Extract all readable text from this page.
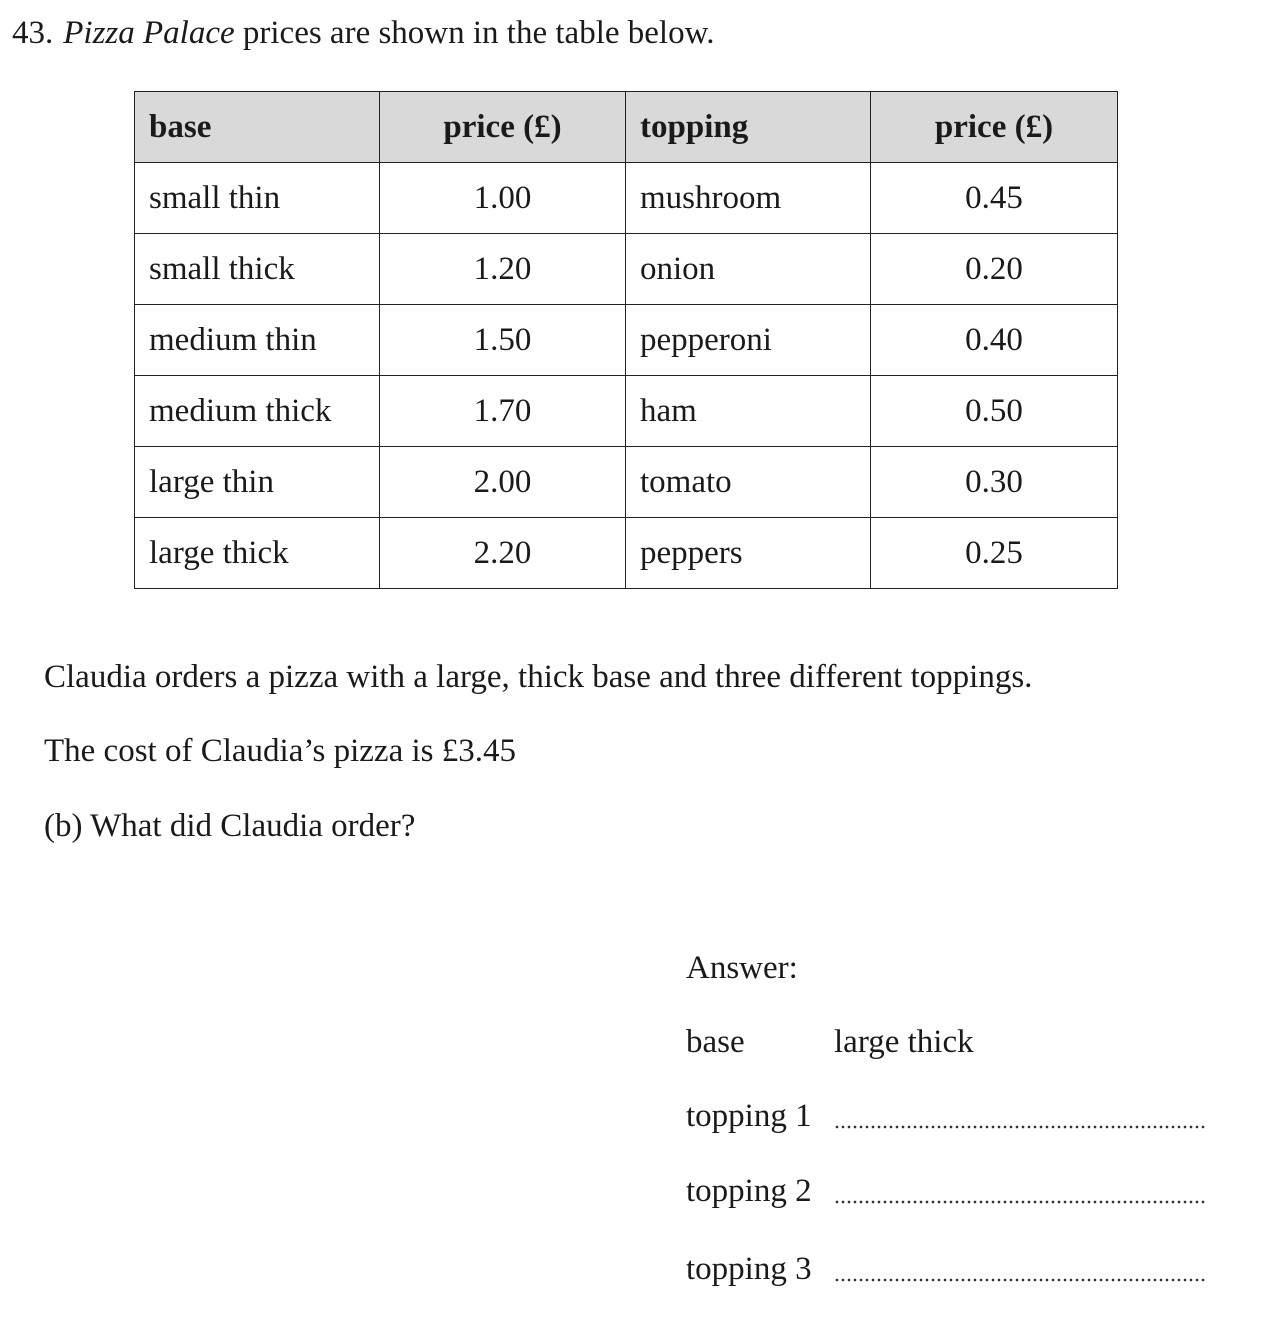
43. Pizza Palace prices are shown in the table below.
base	price (£)	topping	price (£)
small thin	1.00	mushroom	0.45
small thick	1.20	onion	0.20
medium thin	1.50	pepperoni	0.40
medium thick	1.70	ham	0.50
large thin	2.00	tomato	0.30
large thick	2.20	peppers	0.25
Claudia orders a pizza with a large, thick base and three different toppings.
The cost of Claudia’s pizza is £3.45
(b) What did Claudia order?
Answer:
base	large thick
topping 1
topping 2
topping 3
